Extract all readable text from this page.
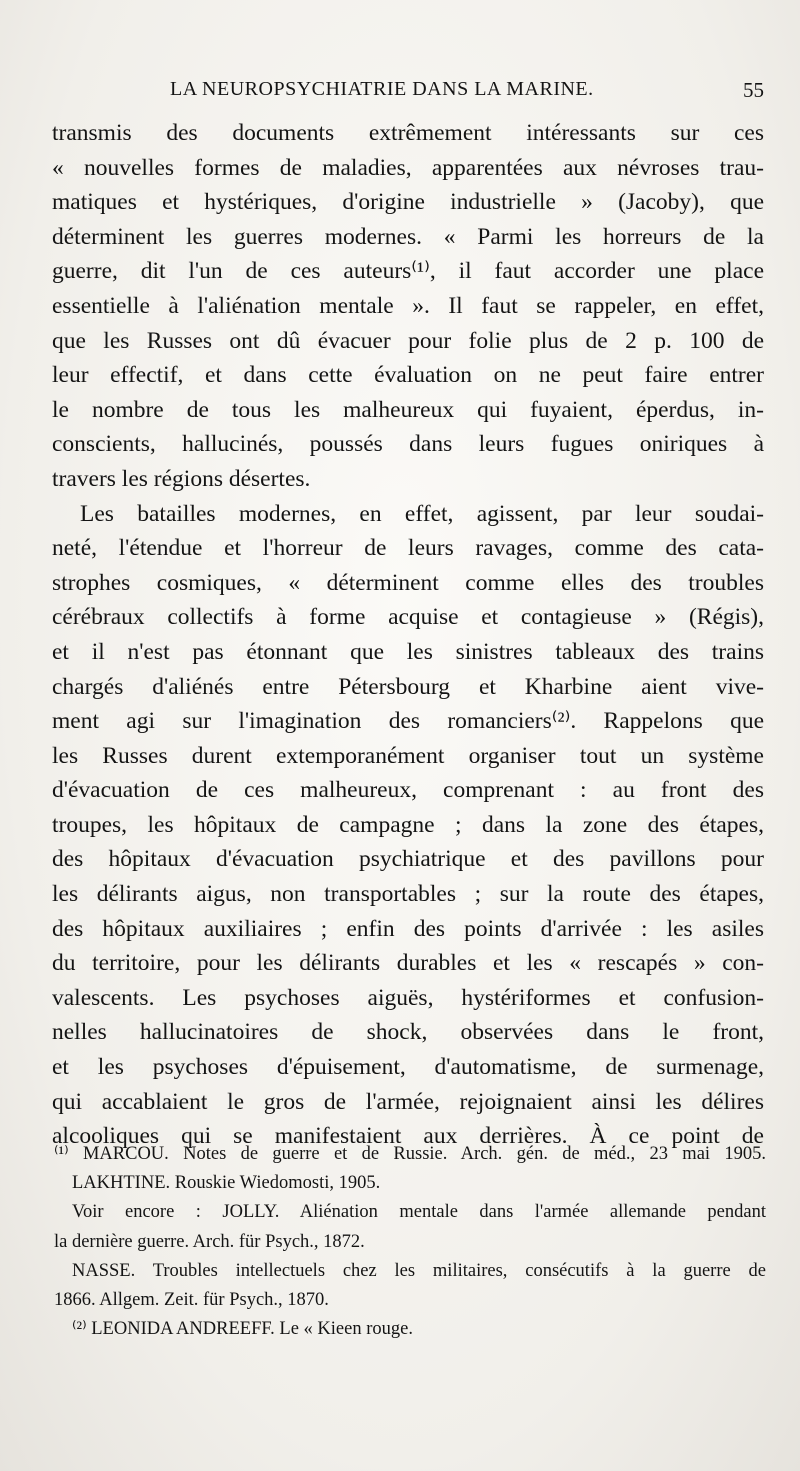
LA NEUROPSYCHIATRIE DANS LA MARINE.	55
transmis des documents extrêmement intéressants sur ces
« nouvelles formes de maladies, apparentées aux névroses trau-
matiques et hystériques, d'origine industrielle » (Jacoby), que
déterminent les guerres modernes. « Parmi les horreurs de la
guerre, dit l'un de ces auteurs⁽¹⁾, il faut accorder une place
essentielle à l'aliénation mentale ». Il faut se rappeler, en effet,
que les Russes ont dû évacuer pour folie plus de 2 p. 100 de
leur effectif, et dans cette évaluation on ne peut faire entrer
le nombre de tous les malheureux qui fuyaient, éperdus, in-
conscients, hallucinés, poussés dans leurs fugues oniriques à
travers les régions désertes.
Les batailles modernes, en effet, agissent, par leur soudai-
neté, l'étendue et l'horreur de leurs ravages, comme des cata-
strophes cosmiques, « déterminent comme elles des troubles
cérébraux collectifs à forme acquise et contagieuse » (Régis),
et il n'est pas étonnant que les sinistres tableaux des trains
chargés d'aliénés entre Pétersbourg et Kharbine aient vive-
ment agi sur l'imagination des romanciers⁽²⁾. Rappelons que
les Russes durent extemporanément organiser tout un système
d'évacuation de ces malheureux, comprenant : au front des
troupes, les hôpitaux de campagne ; dans la zone des étapes,
des hôpitaux d'évacuation psychiatrique et des pavillons pour
les délirants aigus, non transportables ; sur la route des étapes,
des hôpitaux auxiliaires ; enfin des points d'arrivée : les asiles
du territoire, pour les délirants durables et les « rescapés » con-
valescents. Les psychoses aiguës, hystériformes et confusion-
nelles hallucinatoires de shock, observées dans le front,
et les psychoses d'épuisement, d'automatisme, de surmenage,
qui accablaient le gros de l'armée, rejoignaient ainsi les délires
alcooliques qui se manifestaient aux derrières. À ce point de
⁽¹⁾ MARCOU. Notes de guerre et de Russie. Arch. gén. de méd., 23 mai 1905.
LAKHTINE. Rouskie Wiedomosti, 1905.
Voir encore : JOLLY. Aliénation mentale dans l'armée allemande pendant
la dernière guerre. Arch. für Psych., 1872.
NASSE. Troubles intellectuels chez les militaires, consécutifs à la guerre de
1866. Allgem. Zeit. für Psych., 1870.
⁽²⁾ LEONIDA ANDREEFF. Le « Kieen rouge.
